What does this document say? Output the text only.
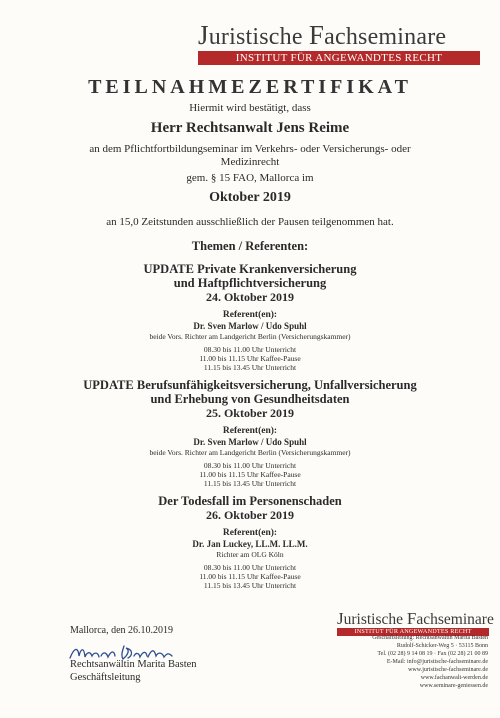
Juristische Fachseminare
INSTITUT FÜR ANGEWANDTES RECHT
TEILNAHMEZERTIFIKAT
Hiermit wird bestätigt, dass
Herr Rechtsanwalt Jens Reime
an dem Pflichtfortbildungseminar im Verkehrs- oder Versicherungs- oder
Medizinrecht
gem. § 15 FAO, Mallorca im
Oktober 2019
an 15,0 Zeitstunden ausschließlich der Pausen teilgenommen hat.
Themen / Referenten:
UPDATE Private Krankenversicherung
und Haftpflichtversicherung
24. Oktober 2019
Referent(en):
Dr. Sven Marlow / Udo Spuhl
beide Vors. Richter am Landgericht Berlin (Versicherungskammer)
08.30 bis 11.00 Uhr Unterricht
11.00 bis 11.15 Uhr Kaffee-Pause
11.15 bis 13.45 Uhr Unterricht
UPDATE Berufsunfähigkeitsversicherung, Unfallversicherung
und Erhebung von Gesundheitsdaten
25. Oktober 2019
Referent(en):
Dr. Sven Marlow / Udo Spuhl
beide Vors. Richter am Landgericht Berlin (Versicherungskammer)
08.30 bis 11.00 Uhr Unterricht
11.00 bis 11.15 Uhr Kaffee-Pause
11.15 bis 13.45 Uhr Unterricht
Der Todesfall im Personenschaden
26. Oktober 2019
Referent(en):
Dr. Jan Luckey, LL.M. LL.M.
Richter am OLG Köln
08.30 bis 11.00 Uhr Unterricht
11.00 bis 11.15 Uhr Kaffee-Pause
11.15 bis 13.45 Uhr Unterricht
Mallorca, den 26.10.2019
Rechtsanwältin Marita Basten
Geschäftsleitung
Juristische Fachseminare
INSTITUT FÜR ANGEWANDTES RECHT
Geschäftsleitung: Rechtsanwältin Marita Basten
Rudolf-Schicker-Weg 5 · 53115 Bonn
Tel. (02 28) 9 14 08 19 · Fax (02 28) 21 00 89
E-Mail: info@juristische-fachseminare.de
www.juristische-fachseminare.de
www.fachanwalt-werden.de
www.seminare-geniessen.de
